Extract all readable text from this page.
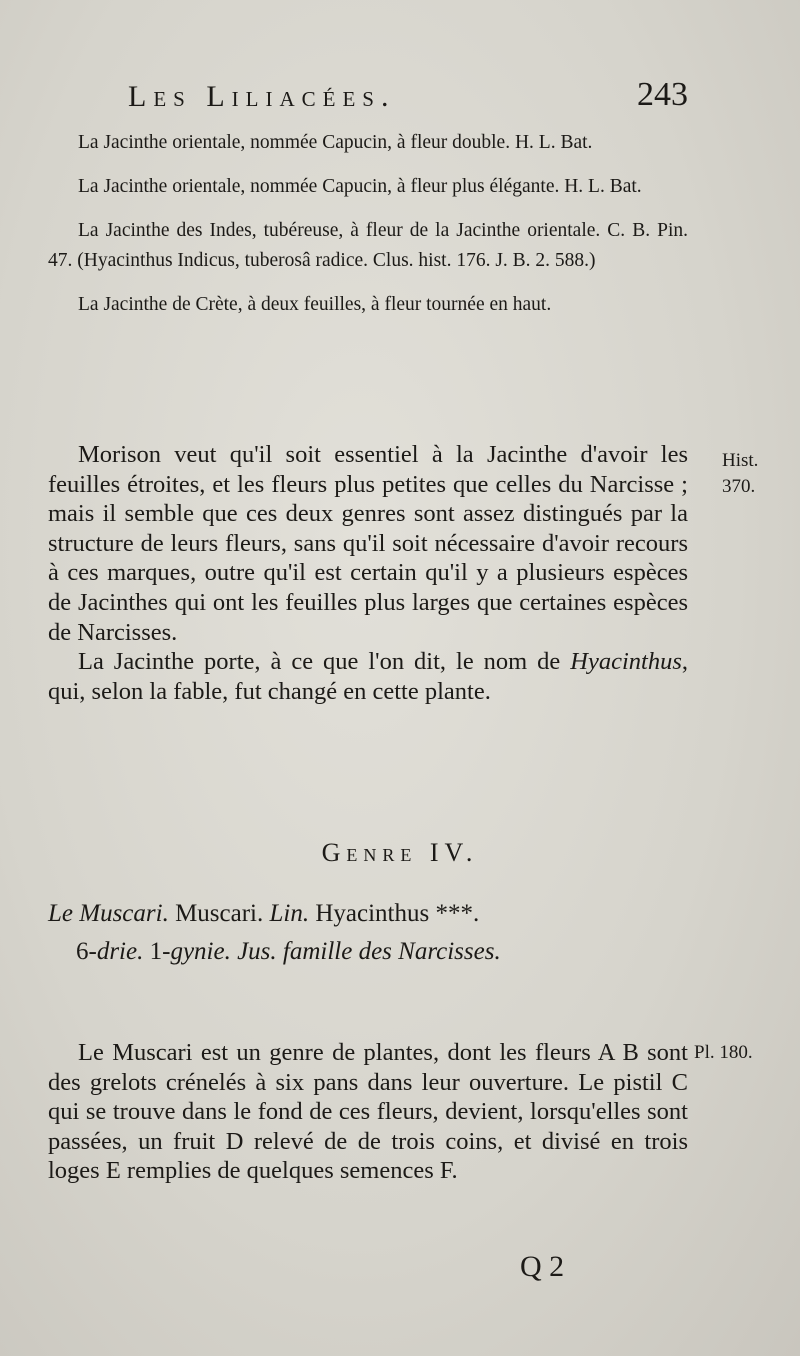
Les Liliacées.	243

La Jacinthe orientale, nommée Capucin, à fleur double. H. L. Bat.

La Jacinthe orientale, nommée Capucin, à fleur plus élégante. H. L. Bat.

La Jacinthe des Indes, tubéreuse, à fleur de la Jacinthe orientale. C. B. Pin. 47. (Hyacinthus Indicus, tuberosâ radice. Clus. hist. 176. J. B. 2. 588.)

La Jacinthe de Crète, à deux feuilles, à fleur tournée en haut.

Morison veut qu'il soit essentiel à la Jacinthe d'avoir les feuilles étroites, et les fleurs plus petites que celles du Narcisse ; mais il semble que ces deux genres sont assez distingués par la structure de leurs fleurs, sans qu'il soit nécessaire d'avoir recours à ces marques, outre qu'il est certain qu'il y a plusieurs espèces de Jacinthes qui ont les feuilles plus larges que certaines espèces de Narcisses.

La Jacinthe porte, à ce que l'on dit, le nom de Hyacinthus, qui, selon la fable, fut changé en cette plante.

Hist.
370.
Genre IV.
Le Muscari. Muscari. Lin. Hyacinthus ***.
6-drie. 1-gynie. Jus. famille des Narcisses.

Le Muscari est un genre de plantes, dont les fleurs A B sont des grelots crénelés à six pans dans leur ouverture. Le pistil C qui se trouve dans le fond de ces fleurs, devient, lorsqu'elles sont passées, un fruit D relevé de de trois coins, et divisé en trois loges E remplies de quelques semences F.

Pl. 180.
Q 2
